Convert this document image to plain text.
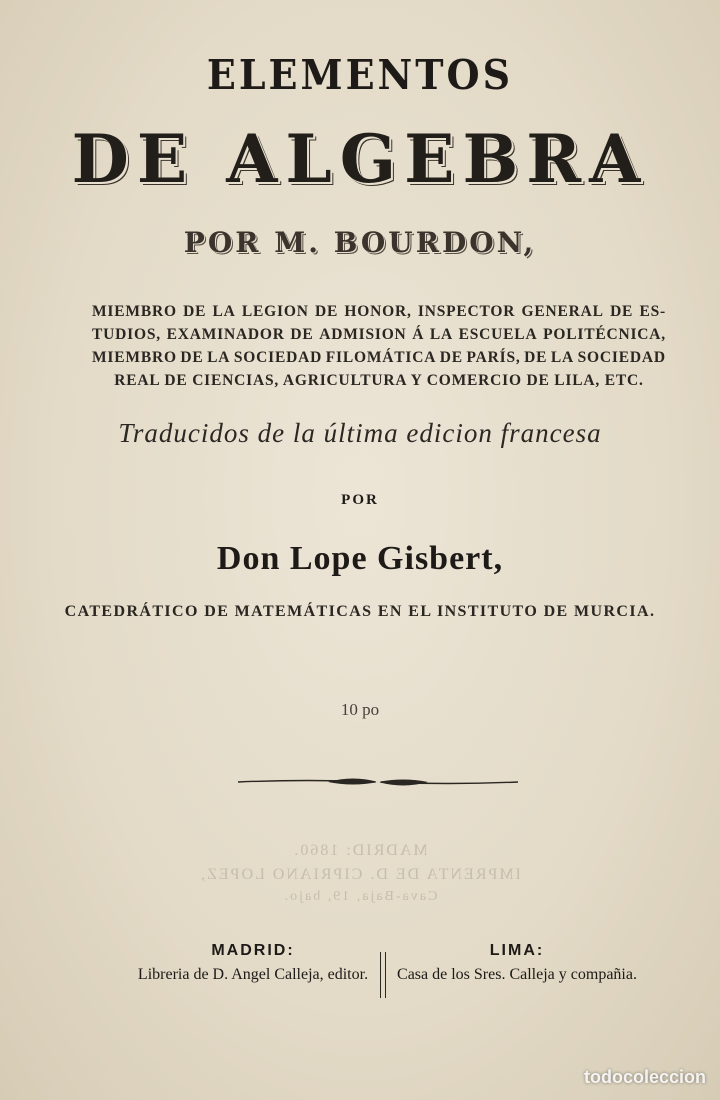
ELEMENTOS
DE ALGEBRA
POR M. BOURDON,
MIEMBRO DE LA LEGION DE HONOR, INSPECTOR GENERAL DE ES-
TUDIOS, EXAMINADOR DE ADMISION Á LA ESCUELA POLITÉCNICA,
MIEMBRO DE LA SOCIEDAD FILOMÁTICA DE PARÍS, DE LA SOCIEDAD
REAL DE CIENCIAS, AGRICULTURA Y COMERCIO DE LILA, ETC.
Traducidos de la última edicion francesa
POR
Don Lope Gisbert,
CATEDRÁTICO DE MATEMÁTICAS EN EL INSTITUTO DE MURCIA.
10 po
MADRID: 1860.
IMPRENTA DE D. CIPRIANO LOPEZ,
Cava-Baja, 19, bajo.
MADRID:
Libreria de D. Angel Calleja, editor.
LIMA:
Casa de los Sres. Calleja y compañia.
todocoleccion
